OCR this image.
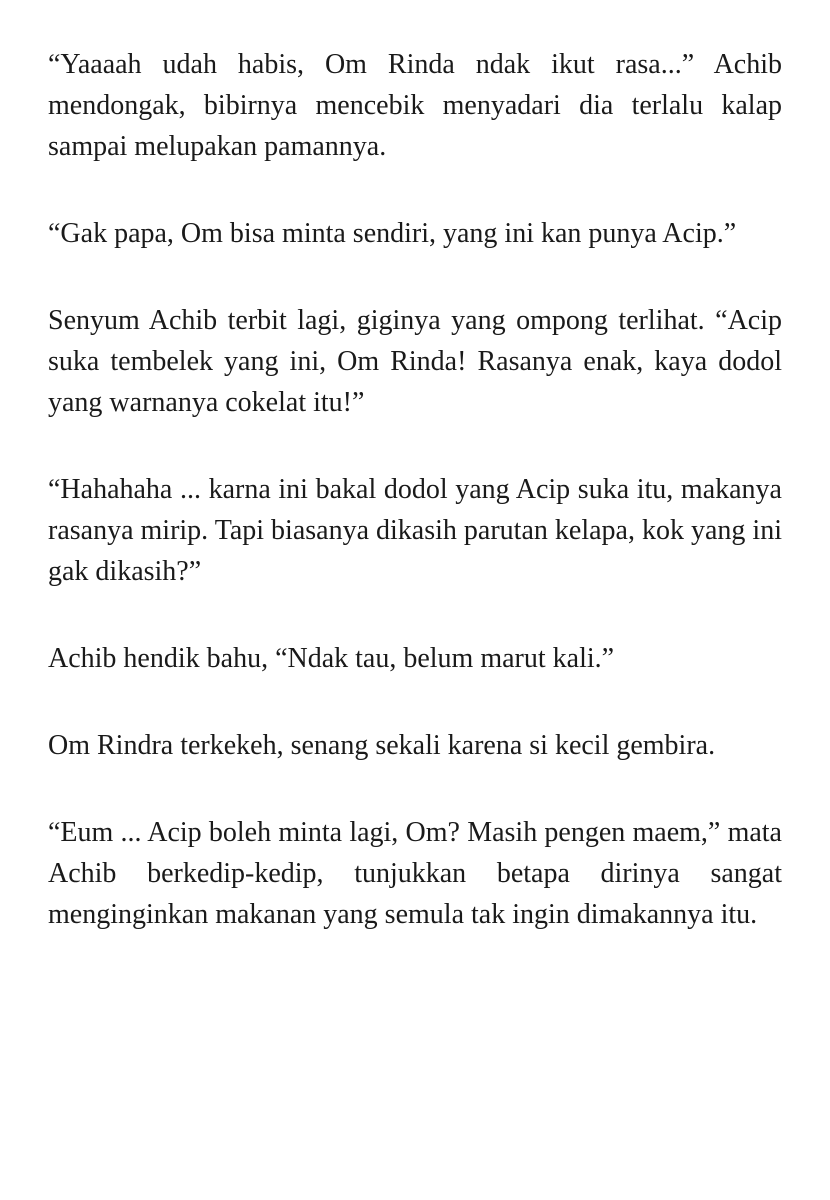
“Yaaaah udah habis, Om Rinda ndak ikut rasa...” Achib mendongak, bibirnya mencebik menyadari dia terlalu kalap sampai melupakan pamannya.

“Gak papa, Om bisa minta sendiri, yang ini kan punya Acip.”

Senyum Achib terbit lagi, giginya yang ompong terlihat. “Acip suka tembelek yang ini, Om Rinda! Rasanya enak, kaya dodol yang warnanya cokelat itu!”

“Hahahaha ... karna ini bakal dodol yang Acip suka itu, makanya rasanya mirip. Tapi biasanya dikasih parutan kelapa, kok yang ini gak dikasih?”

Achib hendik bahu, “Ndak tau, belum marut kali.”

Om Rindra terkekeh, senang sekali karena si kecil gembira.

“Eum ... Acip boleh minta lagi, Om? Masih pengen maem,” mata Achib berkedip-kedip, tunjukkan betapa dirinya sangat menginginkan makanan yang semula tak ingin dimakannya itu.
